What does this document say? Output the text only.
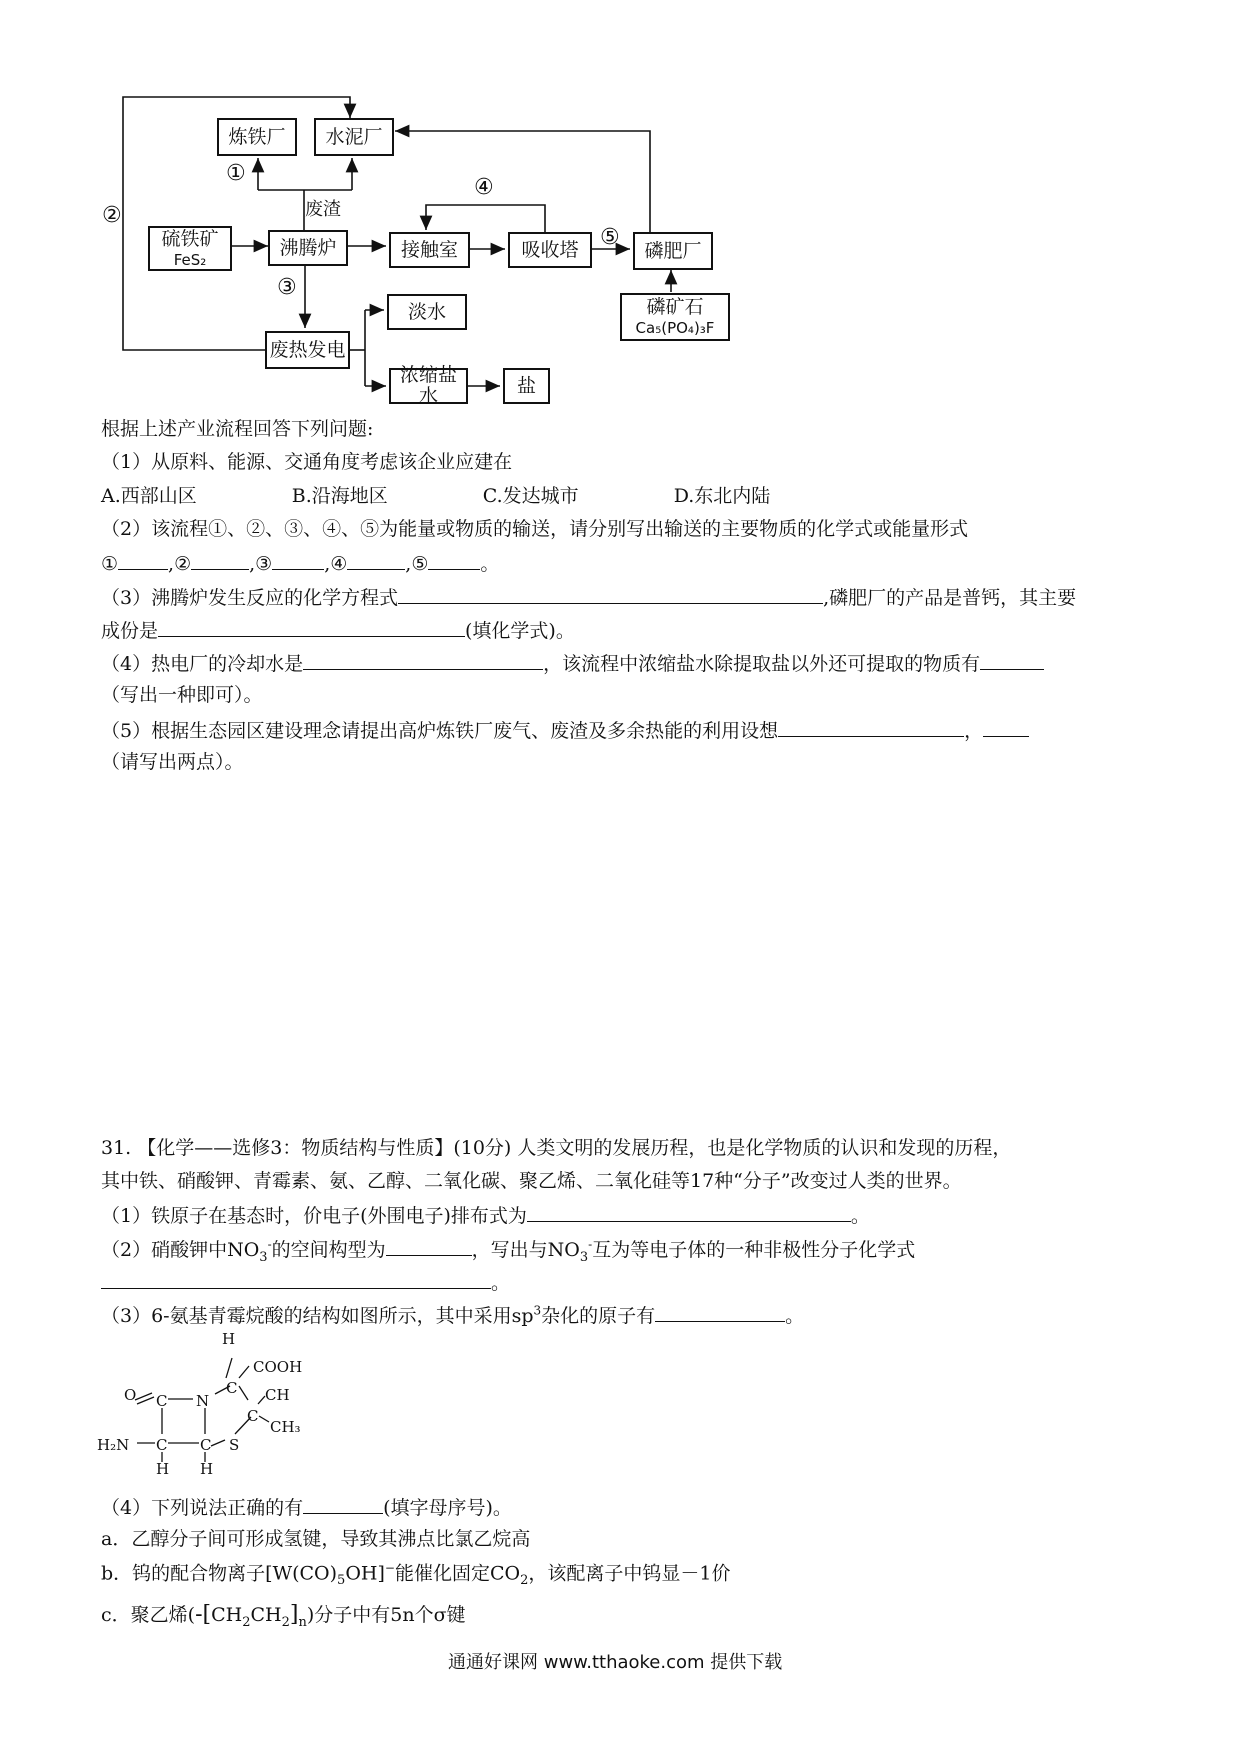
炼铁厂 水泥厂
硫铁矿
FeS₂
沸腾炉	接触室	吸收塔	磷肥厂
磷矿石
Ca₅(PO₄)₃F
废热发电
淡水
浓缩盐水	盐
废渣
①
②
③
④
⑤
根据上述产业流程回答下列问题:
（1）从原料、能源、交通角度考虑该企业应建在
A.西部山区	B.沿海地区	C.发达城市	D.东北内陆
（2）该流程①、②、③、④、⑤为能量或物质的输送，请分别写出输送的主要物质的化学式或能量形式
①	,②	,③	,④	,⑤	。
（3）沸腾炉发生反应的化学方程式	,磷肥厂的产品是普钙，其主要
成份是	(填化学式)。
（4）热电厂的冷却水是	，该流程中浓缩盐水除提取盐以外还可提取的物质有
（写出一种即可）。
（5）根据生态园区建设理念请提出高炉炼铁厂废气、废渣及多余热能的利用设想	，
（请写出两点）。
31. 【化学——选修3：物质结构与性质】(10分) 人类文明的发展历程，也是化学物质的认识和发现的历程，
其中铁、硝酸钾、青霉素、氨、乙醇、二氧化碳、聚乙烯、二氧化硅等17种“分子”改变过人类的世界。
（1）铁原子在基态时，价电子(外围电子)排布式为	。
（2）硝酸钾中$NO_3^-$的空间构型为	，写出与$NO_3^-$互为等电子体的一种非极性分子化学式
。
（3）6-氨基青霉烷酸的结构如图所示，其中采用$sp^3$杂化的原子有	。
H
COOH
O C N
C CH
C
CH₃
H₂N C C S
H H
（4）下列说法正确的有	(填字母序号)。
a．乙醇分子间可形成氢键，导致其沸点比氯乙烷高
b．钨的配合物离子$[W(CO)_5OH]^-$能催化固定$CO_2$，该配离子中钨显－1价
c．聚乙烯$(-[CH_2CH_2]_n)$分子中有5n个σ键
通通好课网 www.tthaoke.com 提供下载
